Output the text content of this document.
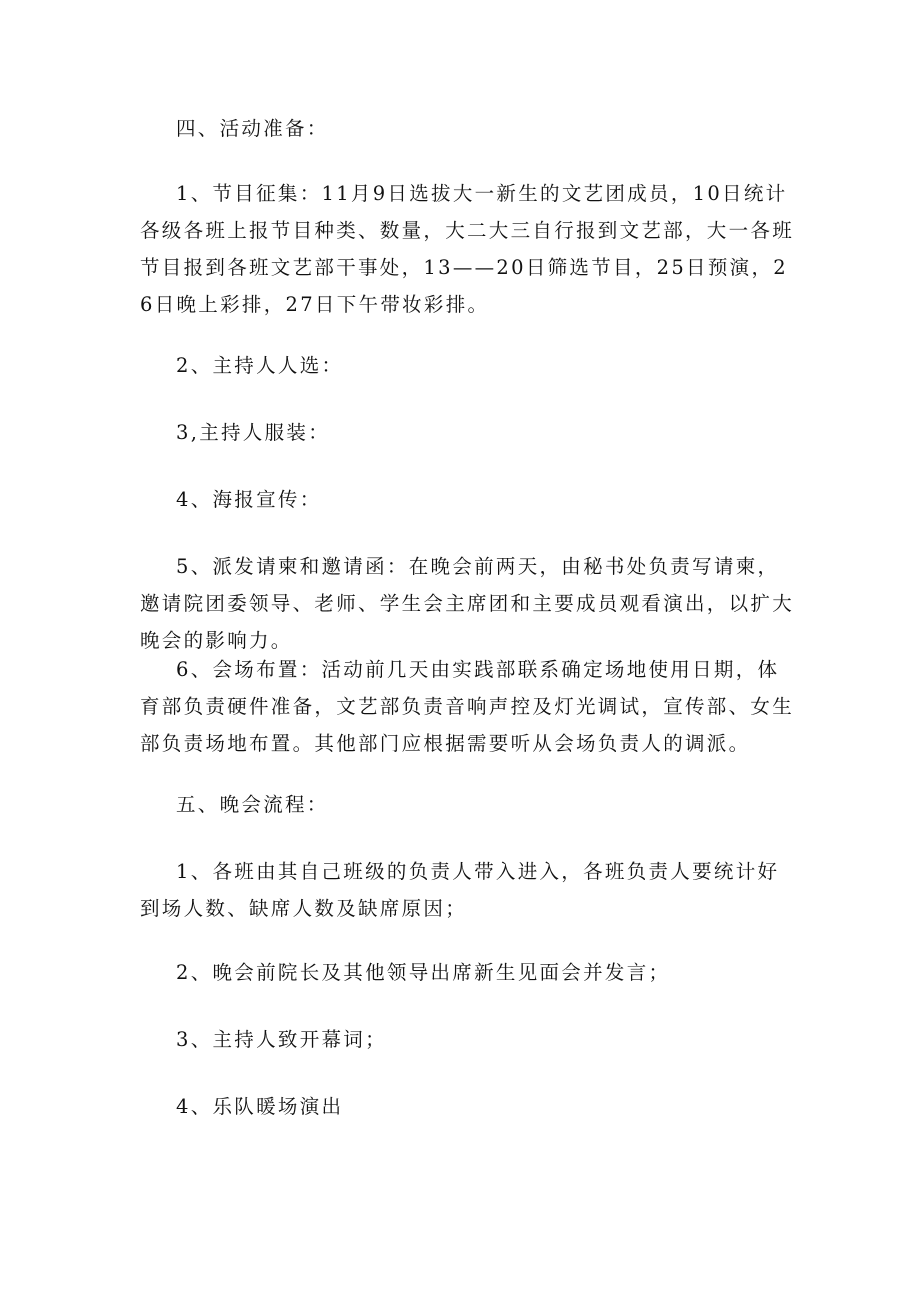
四、活动准备：

1、节目征集：11月9日选拔大一新生的文艺团成员，10日统计各级各班上报节目种类、数量，大二大三自行报到文艺部，大一各班节目报到各班文艺部干事处，13——20日筛选节目，25日预演，26日晚上彩排，27日下午带妆彩排。

2、主持人人选：

3,主持人服装：

4、海报宣传：

5、派发请柬和邀请函：在晚会前两天，由秘书处负责写请柬，邀请院团委领导、老师、学生会主席团和主要成员观看演出，以扩大晚会的影响力。

6、会场布置：活动前几天由实践部联系确定场地使用日期，体育部负责硬件准备，文艺部负责音响声控及灯光调试，宣传部、女生部负责场地布置。其他部门应根据需要听从会场负责人的调派。

五、晚会流程：

1、各班由其自己班级的负责人带入进入，各班负责人要统计好到场人数、缺席人数及缺席原因；

2、晚会前院长及其他领导出席新生见面会并发言；

3、主持人致开幕词；

4、乐队暖场演出
